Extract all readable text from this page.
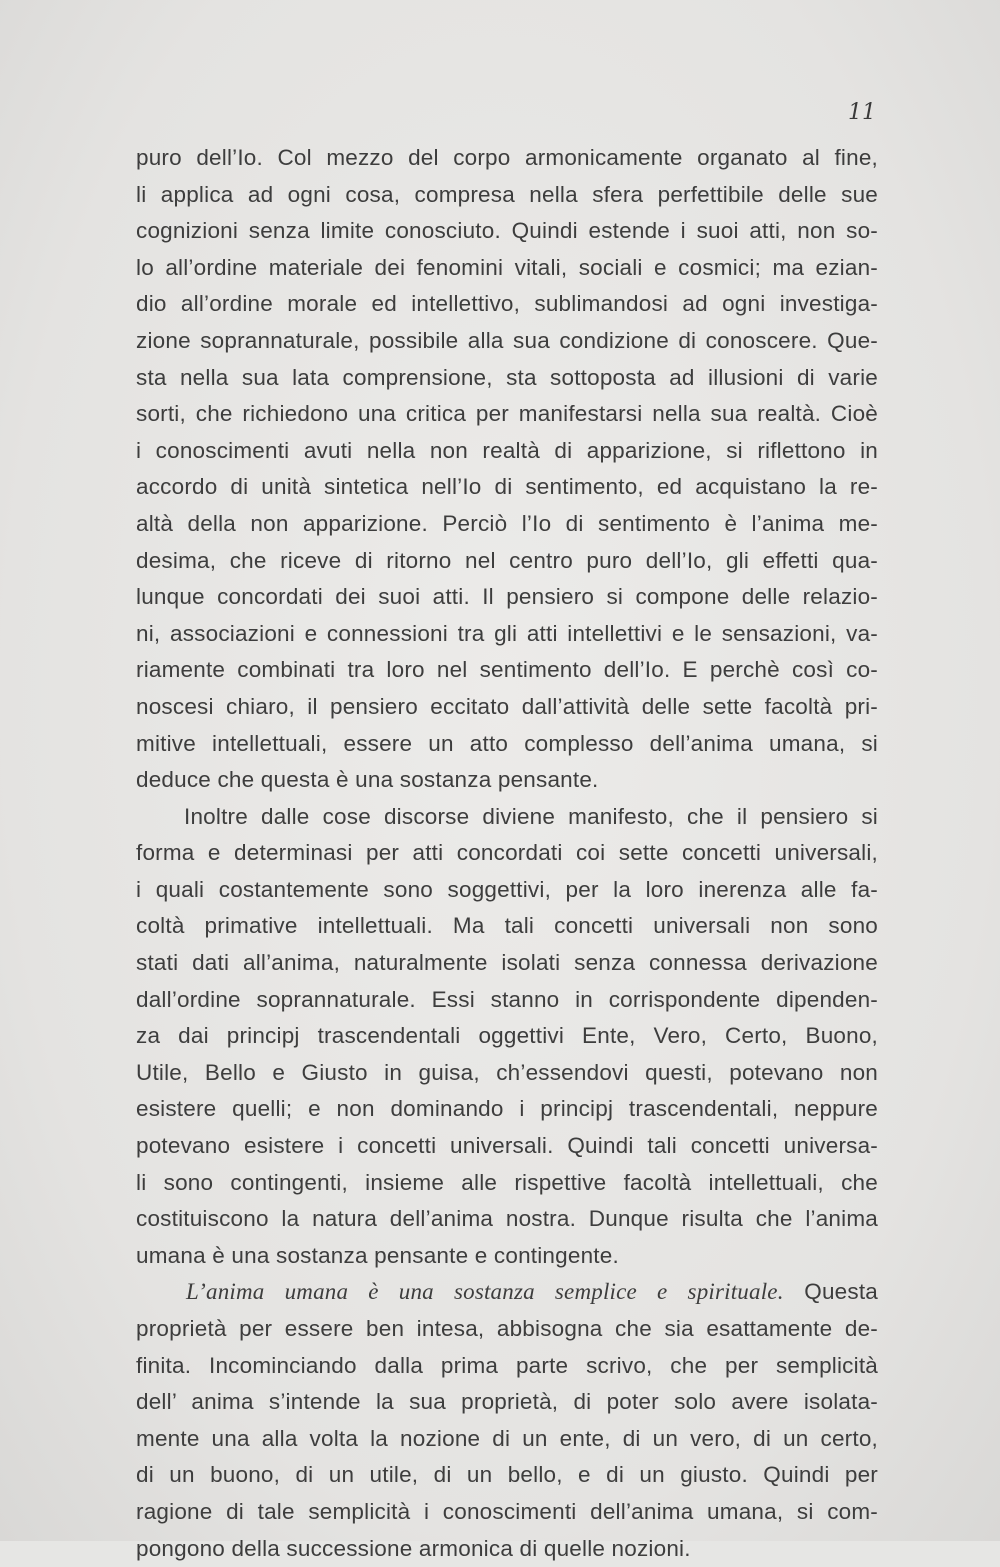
11
puro dell’Io. Col mezzo del corpo armonicamente organato al fine,
li applica ad ogni cosa, compresa nella sfera perfettibile delle sue
cognizioni senza limite conosciuto. Quindi estende i suoi atti, non so-
lo all’ordine materiale dei fenomini vitali, sociali e cosmici; ma ezian-
dio all’ordine morale ed intellettivo, sublimandosi ad ogni investiga-
zione soprannaturale, possibile alla sua condizione di conoscere. Que-
sta nella sua lata comprensione, sta sottoposta ad illusioni di varie
sorti, che richiedono una critica per manifestarsi nella sua realtà. Cioè
i conoscimenti avuti nella non realtà di apparizione, si riflettono in
accordo di unità sintetica nell’Io di sentimento, ed acquistano la re-
altà della non apparizione. Perciò l’Io di sentimento è l’anima me-
desima, che riceve di ritorno nel centro puro dell’Io, gli effetti qua-
lunque concordati dei suoi atti. Il pensiero si compone delle relazio-
ni, associazioni e connessioni tra gli atti intellettivi e le sensazioni, va-
riamente combinati tra loro nel sentimento dell’Io. E perchè così co-
noscesi chiaro, il pensiero eccitato dall’attività delle sette facoltà pri-
mitive intellettuali, essere un atto complesso dell’anima umana, si
deduce che questa è una sostanza pensante.
Inoltre dalle cose discorse diviene manifesto, che il pensiero si
forma e determinasi per atti concordati coi sette concetti universali,
i quali costantemente sono soggettivi, per la loro inerenza alle fa-
coltà primative intellettuali. Ma tali concetti universali non sono
stati dati all’anima, naturalmente isolati senza connessa derivazione
dall’ordine soprannaturale. Essi stanno in corrispondente dipenden-
za dai principj trascendentali oggettivi Ente, Vero, Certo, Buono,
Utile, Bello e Giusto in guisa, ch’essendovi questi, potevano non
esistere quelli; e non dominando i principj trascendentali, neppure
potevano esistere i concetti universali. Quindi tali concetti universa-
li sono contingenti, insieme alle rispettive facoltà intellettuali, che
costituiscono la natura dell’anima nostra. Dunque risulta che l’anima
umana è una sostanza pensante e contingente.
L’anima umana è una sostanza semplice e spirituale. Questa
proprietà per essere ben intesa, abbisogna che sia esattamente de-
finita. Incominciando dalla prima parte scrivo, che per semplicità
dell’ anima s’intende la sua proprietà, di poter solo avere isolata-
mente una alla volta la nozione di un ente, di un vero, di un certo,
di un buono, di un utile, di un bello, e di un giusto. Quindi per
ragione di tale semplicità i conoscimenti dell’anima umana, si com-
pongono della successione armonica di quelle nozioni.
